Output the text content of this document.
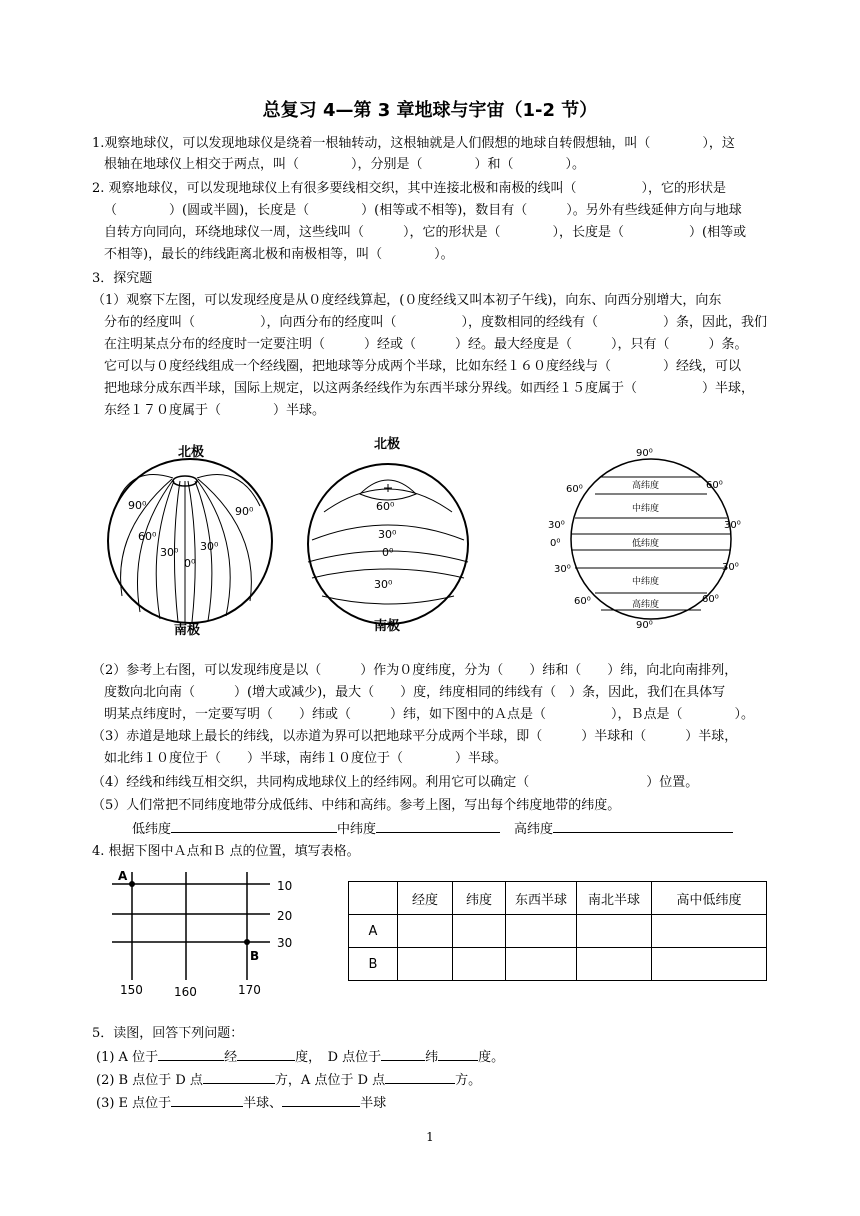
总复习 4—第 3 章地球与宇宙（1-2 节）
1.观察地球仪，可以发现地球仪是绕着一根轴转动，这根轴就是人们假想的地球自转假想轴，叫（　　　　），这
根轴在地球仪上相交于两点，叫（　　　　），分别是（　　　　）和（　　　　）。
2. 观察地球仪，可以发现地球仪上有很多要线相交织，其中连接北极和南极的线叫（　　　　　），它的形状是
（　　　　）(圆或半圆)，长度是（　　　　）(相等或不相等)，数目有（　　　）。另外有些线延伸方向与地球
自转方向同向，环绕地球仪一周，这些线叫（　　　），它的形状是（　　　　），长度是（　　　　　）(相等或
不相等)，最长的纬线距离北极和南极相等，叫（　　　　）。
3．探究题
（1）观察下左图，可以发现经度是从０度经线算起，(０度经线又叫本初子午线)，向东、向西分别增大，向东
分布的经度叫（　　　　　），向西分布的经度叫（　　　　　），度数相同的经线有（　　　　　）条，因此，我们
在注明某点分布的经度时一定要注明（　　　）经或（　　　）经。最大经度是（　　　），只有（　　　）条。
它可以与０度经线组成一个经线圈，把地球等分成两个半球，比如东经１６０度经线与（　　　　）经线，可以
把地球分成东西半球，国际上规定，以这两条经线作为东西半球分界线。如西经１５度属于（　　　　　）半球，
东经１７０度属于（　　　　）半球。
北极
南极
90⁰	90⁰
60⁰
30⁰ 30⁰
0⁰
北极
南极
60⁰
30⁰
0⁰
30⁰
90⁰
90⁰
高纬度
中纬度
低纬度
中纬度
高纬度
60⁰
30⁰
0⁰
30⁰
60⁰
60⁰
30⁰
30⁰
60⁰
（2）参考上右图，可以发现纬度是以（　　　）作为０度纬度，分为（　　）纬和（　　）纬，向北向南排列，
度数向北向南（　　　）(增大或减少)，最大（　　）度，纬度相同的纬线有（　）条，因此，我们在具体写
明某点纬度时，一定要写明（　　）纬或（　　　）纬，如下图中的Ａ点是（　　　　　），Ｂ点是（　　　　）。
（3）赤道是地球上最长的纬线，以赤道为界可以把地球平分成两个半球，即（　　　）半球和（　　　）半球，
如北纬１０度位于（　　）半球，南纬１０度位于（　　　　）半球。
（4）经线和纬线互相交织，共同构成地球仪上的经纬网。利用它可以确定（　　　　　　　　　）位置。
（5）人们常把不同纬度地带分成低纬、中纬和高纬。参考上图，写出每个纬度地带的纬度。
低纬度	中纬度	高纬度
4. 根据下图中Ａ点和Ｂ 点的位置，填写表格。
A
B
10
20
30
150	160	170
	经度	纬度	东西半球	南北半球	高中低纬度
A					
B					
5．读图，回答下列问题：
(1) A 位于	经	度，　D 点位于	纬	度。
(2) B 点位于 D 点	方，A 点位于 D 点	方。
(3) E 点位于	半球、	半球
1
